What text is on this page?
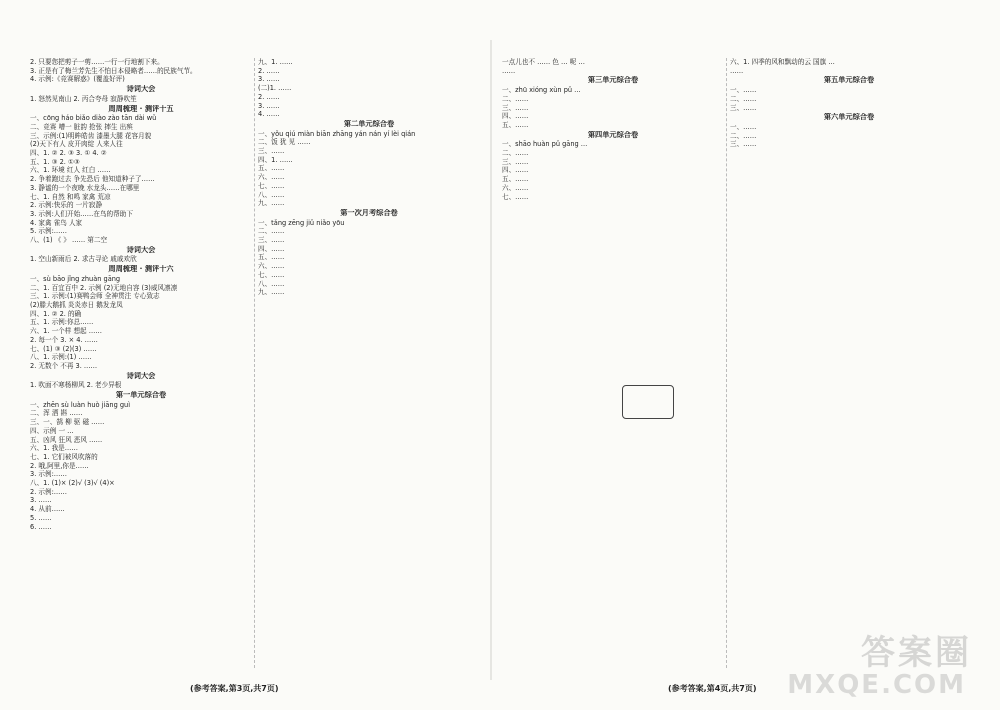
2. 只要您把剪子一剪……一行一行地割下来。
3. 正是有了梅兰芳先生不怕日本侵略者……的民族气节。
4. 示例:《竞赛解惑》(覆盖好评)
诗词大会
1. 怒然见南山 2. 丙合夸母 寂静吹笙
周周梳理 · 测评十五
一、cōng háo biǎo diào zào tān dài wǔ
二、竞赛 嘈一 脏韵 抢张 摔生 出殡
三、示例:(1)明眸皓齿 漆墨大腿 花容月貌
(2)天下有人 皮开肉绽 人来人往
四、1. ② 2. ③ 3. ① 4. ②
五、1. ③ 2. ①③
六、1. 环境 红人 红白 ……
2. 争着跑过去 争先恐后 他知道种子了……
3. 静谧的一个夜晚 水龙头……在哪里
七、1. 自然 和鸣 家禽 荒凉
2. 示例:快乐的 一片寂静
3. 示例:人们开始……在鸟的帮助下
4. 家禽 雀鸟 人家
5. 示例:……
八、(1) 《 》 …… 第二空
诗词大会
1. 空山新雨后 2. 求古寻论 戚戚欢欣
周周梳理 · 测评十六
一、sù bāo jǐng zhuàn gāng
二、1. 百宜百中 2. 示例 (2)无地自容 (3)威风凛凛
三、1. 示例:(1)赛鸭会师 全神贯注 专心致志
(2)滕大鹅抓 炎炎赤日 鹅发龙凤
四、1. ② 2. 的确
五、1. 示例:你总……
六、1. 一个样 想起 ……
2. 每一个 3. × 4. ……
七、(1) ③ (2)(3) ……
八、1. 示例:(1) ……
2. 无数个 不再 3. ……
诗词大会
1. 吹面不寒杨柳风 2. 老少异根
第一单元综合卷
一、zhēn sù luàn huò jiāng guì
二、浑 洒 斟 ……
三、一、鹄 柳 驱 磁 ……
四、示例 一 …
五、凶风 狂风 恶风 ……
六、1. 我是……
七、1. 它们被风吹落的
2. 哦,阿里,你是……
3. 示例:……
八、1. (1)× (2)√ (3)√ (4)×
2. 示例:……
3. ……
4. 从前……
5. ……
6. ……
九、1. ……
2. ……
3. ……
(二)1. ……
2. ……
3. ……
4. ……
第二单元综合卷
一、yǒu qiú miàn biān zhāng yán nán yí lèi qián
二、饭 犹 见 ……
三、……
四、1. ……
五、……
六、……
七、……
八、……
九、……
第一次月考综合卷
一、tǎng zēng jiǔ niǎo yōu
二、……
三、……
四、……
五、……
六、……
七、……
八、……
九、……
一点儿也不 …… 色 … 呢 …
……
第三单元综合卷
一、zhū xióng xùn pǔ …
二、……
三、……
四、……
五、……
第四单元综合卷
一、shāo huàn pǔ gāng …
二、……
三、……
四、……
五、……
六、……
七、……
六、1. 四季的风和飘动的云 国旗 …
……
第五单元综合卷
一、……
二、……
三、……
第六单元综合卷
一、……
二、……
三、……
(参考答案,第3页,共7页)	(参考答案,第4页,共7页)
答案圈
MXQE.COM
